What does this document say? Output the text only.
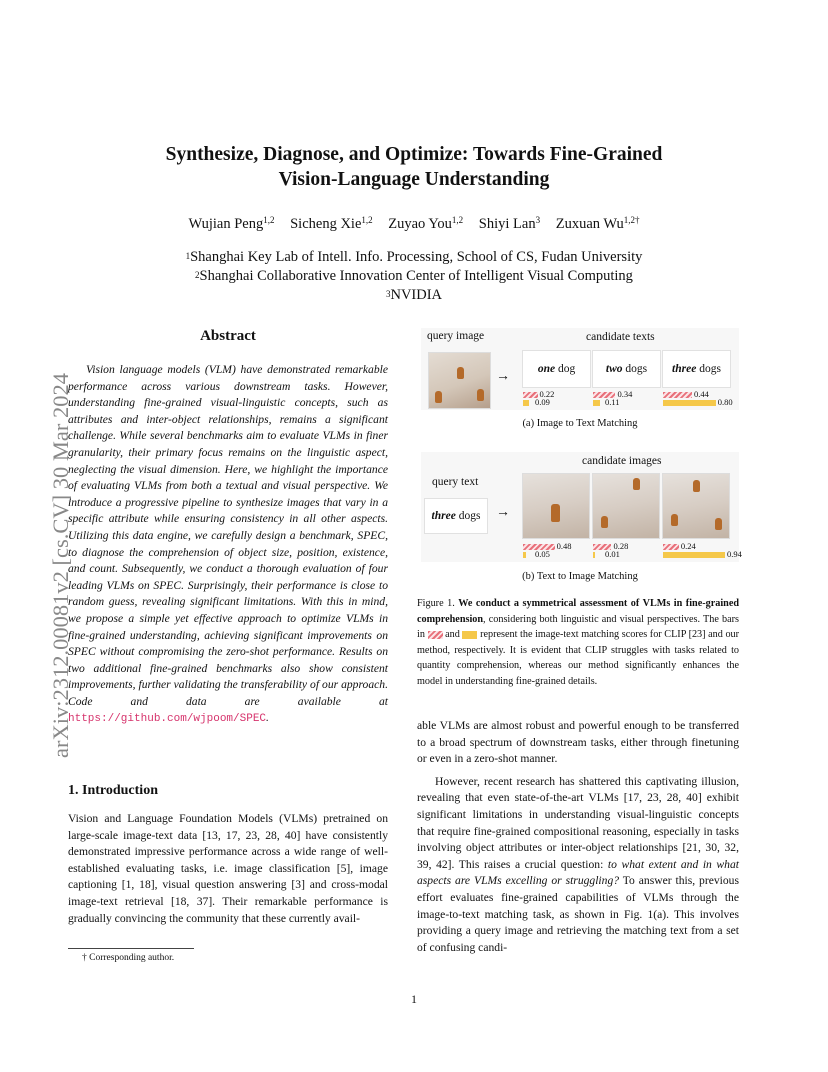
arXiv:2312.00081v2 [cs.CV] 30 Mar 2024
Synthesize, Diagnose, and Optimize: Towards Fine-Grained
Vision-Language Understanding
Wujian Peng$^{1,2}$ Sicheng Xie$^{1,2}$ Zuyao You$^{1,2}$ Shiyi Lan$^3$ Zuxuan $Wu^{1,2\dagger}$
$^1$Shanghai Key Lab of Intell. Info. Processing, School of CS, Fudan University
$^2$Shanghai Collaborative Innovation Center of Intelligent Visual Computing
$^3$NVIDIA
Abstract
Vision language models (VLM) have demonstrated remarkable performance across various downstream tasks. However, understanding fine-grained visual-linguistic concepts, such as attributes and inter-object relationships, remains a significant challenge. While several benchmarks aim to evaluate VLMs in finer granularity, their primary focus remains on the linguistic aspect, neglecting the visual dimension. Here, we highlight the importance of evaluating VLMs from both a textual and visual perspective. We introduce a progressive pipeline to synthesize images that vary in a specific attribute while ensuring consistency in all other aspects. Utilizing this data engine, we carefully design a benchmark, SPEC, to diagnose the comprehension of object size, position, existence, and count. Subsequently, we conduct a thorough evaluation of four leading VLMs on SPEC. Surprisingly, their performance is close to random guess, revealing significant limitations. With this in mind, we propose a simple yet effective approach to optimize VLMs in fine-grained understanding, achieving significant improvements on SPEC without compromising the zero-shot performance. Results on two additional fine-grained benchmarks also show consistent improvements, further validating the transferability of our approach. Code and data are available at https://github.com/wjpoom/SPEC.
1. Introduction
Vision and Language Foundation Models (VLMs) pretrained on large-scale image-text data [13, 17, 23, 28, 40] have consistently demonstrated impressive performance across a wide range of well-established evaluating tasks, i.e. image classification [5], image captioning [1, 18], visual question answering [3] and cross-modal image-text retrieval [18, 37]. Their remarkable performance is gradually convincing the community that these currently avail-
† Corresponding author.
query image	candidate texts
→	one dog	two dogs	three dogs
0.22
0.09
0.34
0.11
0.44
0.80
(a) Image to Text Matching
candidate images
query text
three dogs	→
0.48
0.05
0.28
0.01
0.24
0.94
(b) Text to Image Matching
Figure 1. We conduct a symmetrical assessment of VLMs in fine-grained comprehension, considering both linguistic and visual perspectives. The bars in and represent the image-text matching scores for CLIP [23] and our method, respectively. It is evident that CLIP struggles with tasks related to quantity comprehension, whereas our method significantly enhances the model in understanding fine-grained details.

able VLMs are almost robust and powerful enough to be transferred to a broad spectrum of downstream tasks, either through finetuning or even in a zero-shot manner.

However, recent research has shattered this captivating illusion, revealing that even state-of-the-art VLMs [17, 23, 28, 40] exhibit significant limitations in understanding visual-linguistic concepts that require fine-grained compositional reasoning, especially in tasks involving object attributes or inter-object relationships [21, 30, 32, 39, 42]. This raises a crucial question: to what extent and in what aspects are VLMs excelling or struggling? To answer this, previous effort evaluates fine-grained capabilities of VLMs through the image-to-text matching task, as shown in Fig. 1(a). This involves providing a query image and retrieving the matching text from a set of confusing candi-

1
